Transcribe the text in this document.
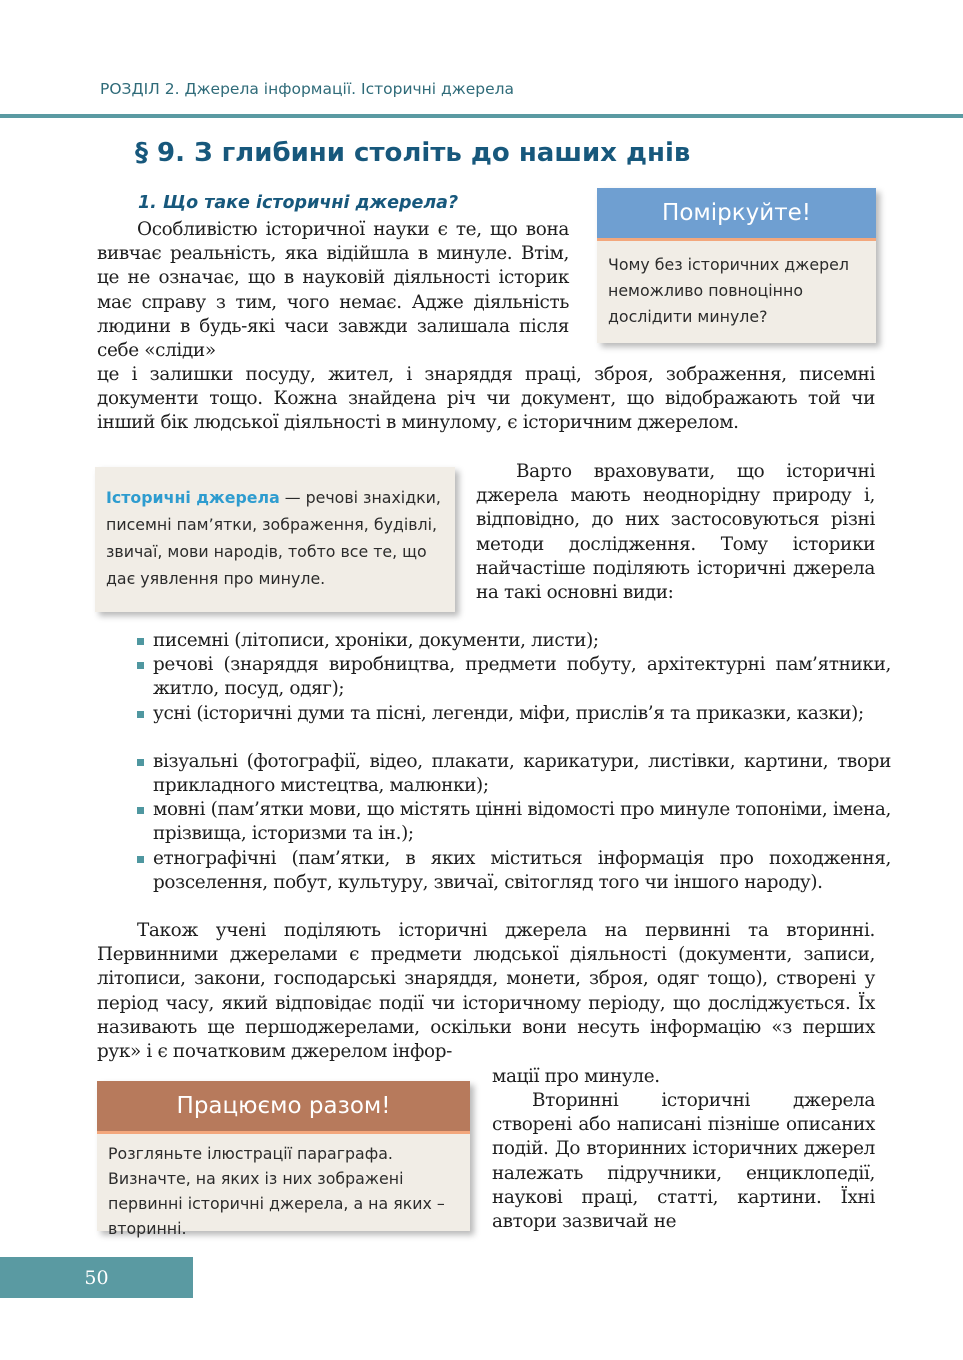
РОЗДІЛ 2. Джерела інформації. Історичні джерела
§ 9. З глибини століть до наших днів
1. Що таке історичні джерела?	Поміркуйте!

Чому без історичних джерел неможливо повноцінно дослідити минуле?

Особливістю історичної науки є те, що вона вивчає реальність, яка відійшла в минуле. Втім, це не означає, що в науковій діяльності історик має справу з тим, чого немає. Адже діяльність людини в будь-які часи завжди залишала після себе «сліди»

це і залишки посуду, жител, і знаряддя праці, зброя, зображення, писемні документи тощо. Кожна знайдена річ чи документ, що відображають той чи інший бік людської діяльності в минулому, є історичним джерелом.

Історичні джерела — речові знахідки, писемні пам’ятки, зображення, будівлі, звичаї, мови народів, тобто все те, що дає уявлення про минуле.

Варто враховувати, що історичні джерела мають неоднорідну природу і, відповідно, до них застосовуються різні методи дослідження. Тому історики найчастіше поділяють історичні джерела на такі основні види:

писемні (літописи, хроніки, документи, листи);
речові (знаряддя виробництва, предмети побуту, архітектурні пам’ятники, житло, посуд, одяг);
усні (історичні думи та пісні, легенди, міфи, прислів’я та приказки, казки);
візуальні (фотографії, відео, плакати, карикатури, листівки, картини, твори прикладного мистецтва, малюнки);
мовні (пам’ятки мови, що містять цінні відомості про минуле топоніми, імена, прізвища, історизми та ін.);
етнографічні (пам’ятки, в яких міститься інформація про походження, розселення, побут, культуру, звичаї, світогляд того чи іншого народу).

Також учені поділяють історичні джерела на первинні та вторинні. Первинними джерелами є предмети людської діяльності (документи, записи, літописи, закони, господарські знаряддя, монети, зброя, одяг тощо), створені у період часу, який відповідає події чи історичному періоду, що досліджується. Їх називають ще першоджерелами, оскільки вони несуть інформацію «з перших рук» і є початковим джерелом інфор-

мації про минуле.

Працюємо разом!

Розгляньте ілюстрації параграфа. Визначте, на яких із них зображені первинні історичні джерела, а на яких – вторинні.

Вторинні історичні джерела створені або написані пізніше описаних подій. До вторинних історичних джерел належать підручники, енциклопедії, наукові праці, статті, картини. Їхні автори зазвичай не

50
